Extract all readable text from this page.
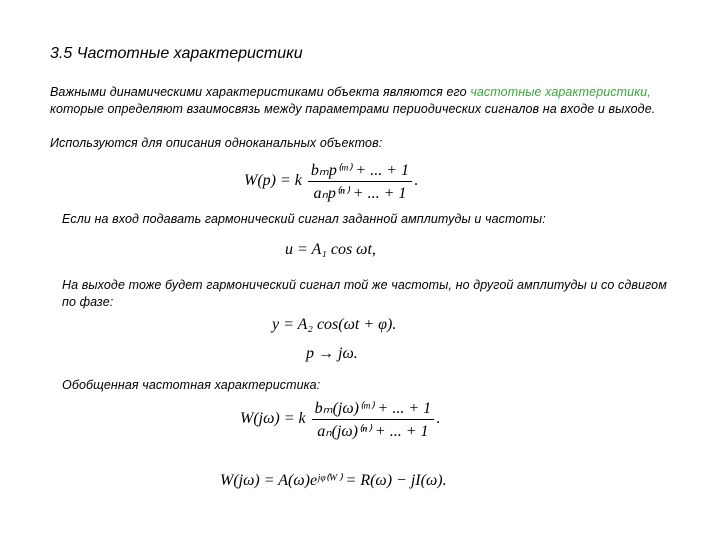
3.5 Частотные характеристики
Важными динамическими характеристиками объекта являются его частотные характеристики, которые определяют взаимосвязь между параметрами периодических сигналов на входе и выходе.
Используются для описания одноканальных объектов:
W(p) = k $\frac{\text{bₘp⁽ᵐ⁾ + ... + 1}}{\text{aₙp⁽ⁿ⁾ + ... + 1}}$ .
Если на вход подавать гармонический сигнал заданной амплитуды и частоты:
u = A₁ cos ωt,
На выходе тоже будет гармонический сигнал той же частоты, но другой амплитуды и со сдвигом по фазе:
y = A₂ cos(ωt + φ).
p → jω.
Обобщенная частотная характеристика:
W(jω) = k $\frac{\text{bₘ(jω)⁽ᵐ⁾ + ... + 1}}{\text{aₙ(jω)⁽ⁿ⁾ + ... + 1}}$ .
W(jω) = A(ω)eʲᵠ⁽ᵂ⁾ = R(ω) − jI(ω).
